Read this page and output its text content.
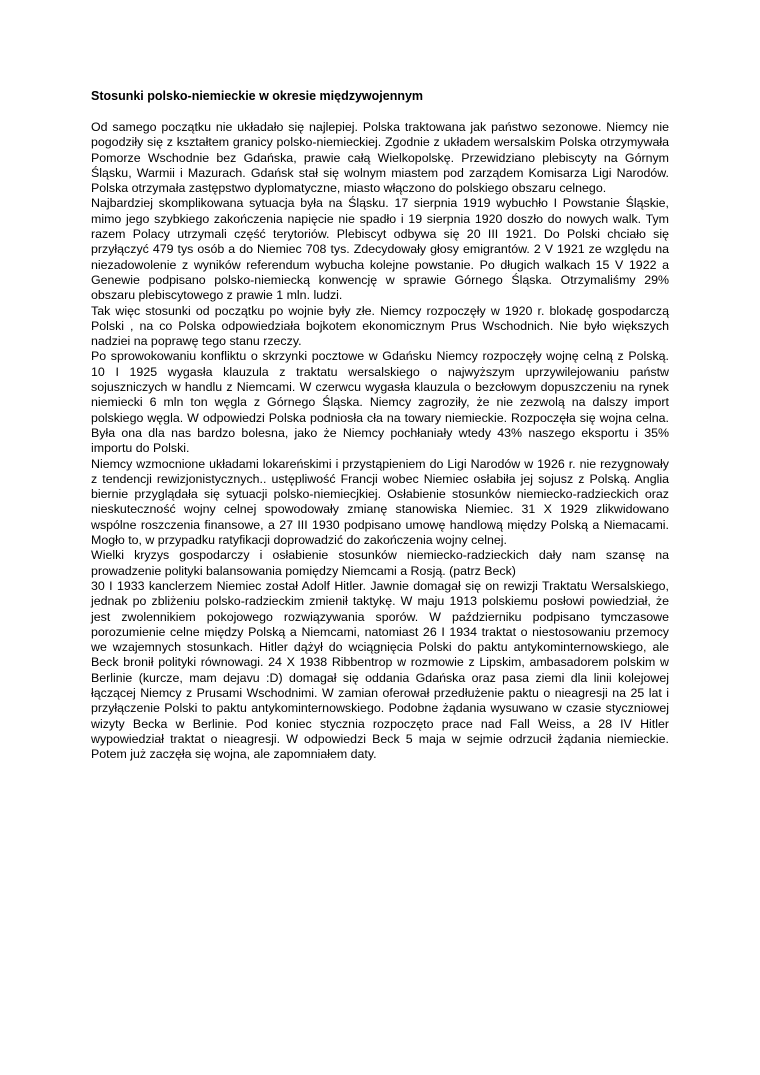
Stosunki polsko-niemieckie w okresie międzywojennym

Od samego początku nie układało się najlepiej. Polska traktowana jak państwo sezonowe. Niemcy nie pogodziły się z kształtem granicy polsko-niemieckiej. Zgodnie z układem wersalskim Polska otrzymywała Pomorze Wschodnie bez Gdańska, prawie całą Wielkopolskę. Przewidziano plebiscyty na Górnym Śląsku, Warmii i Mazurach. Gdańsk stał się wolnym miastem pod zarządem Komisarza Ligi Narodów. Polska otrzymała zastępstwo dyplomatyczne, miasto włączono do polskiego obszaru celnego.

Najbardziej skomplikowana sytuacja była na Śląsku. 17 sierpnia 1919 wybuchło I Powstanie Śląskie, mimo jego szybkiego zakończenia napięcie nie spadło i 19 sierpnia 1920 doszło do nowych walk. Tym razem Polacy utrzymali część terytoriów. Plebiscyt odbywa się 20 III 1921. Do Polski chciało się przyłączyć 479 tys osób a do Niemiec 708 tys. Zdecydowały głosy emigrantów. 2 V 1921 ze względu na niezadowolenie z wyników referendum wybucha kolejne powstanie. Po długich walkach 15 V 1922 a Genewie podpisano polsko-niemiecką konwencję w sprawie Górnego Śląska. Otrzymaliśmy 29% obszaru plebiscytowego z prawie 1 mln. ludzi.

Tak więc stosunki od początku po wojnie były złe. Niemcy rozpoczęły w 1920 r. blokadę gospodarczą Polski , na co Polska odpowiedziała bojkotem ekonomicznym Prus Wschodnich. Nie było większych nadziei na poprawę tego stanu rzeczy.

Po sprowokowaniu konfliktu o skrzynki pocztowe w Gdańsku Niemcy rozpoczęły wojnę celną z Polską. 10 I 1925 wygasła klauzula z traktatu wersalskiego o najwyższym uprzywilejowaniu państw sojuszniczych w handlu z Niemcami. W czerwcu wygasła klauzula o bezcłowym dopuszczeniu na rynek niemiecki 6 mln ton węgla z Górnego Śląska. Niemcy zagroziły, że nie zezwolą na dalszy import polskiego węgla. W odpowiedzi Polska podniosła cła na towary niemieckie. Rozpoczęła się wojna celna. Była ona dla nas bardzo bolesna, jako że Niemcy pochłaniały wtedy 43% naszego eksportu i 35% importu do Polski.

Niemcy wzmocnione układami lokareńskimi i przystąpieniem do Ligi Narodów w 1926 r. nie rezygnowały z tendencji rewizjonistycznych.. ustępliwość Francji wobec Niemiec osłabiła jej sojusz z Polską. Anglia biernie przyglądała się sytuacji polsko-niemiecjkiej. Osłabienie stosunków niemiecko-radzieckich oraz nieskuteczność wojny celnej spowodowały zmianę stanowiska Niemiec. 31 X 1929 zlikwidowano wspólne roszczenia finansowe, a 27 III 1930 podpisano umowę handlową między Polską a Niemacami. Mogło to, w przypadku ratyfikacji doprowadzić do zakończenia wojny celnej.

Wielki kryzys gospodarczy i osłabienie stosunków niemiecko-radzieckich dały nam szansę na prowadzenie polityki balansowania pomiędzy Niemcami a Rosją. (patrz Beck)

30 I 1933 kanclerzem Niemiec został Adolf Hitler. Jawnie domagał się on rewizji Traktatu Wersalskiego, jednak po zbliżeniu polsko-radzieckim zmienił taktykę. W maju 1913 polskiemu posłowi powiedział, że jest zwolennikiem pokojowego rozwiązywania sporów. W październiku podpisano tymczasowe porozumienie celne między Polską a Niemcami, natomiast 26 I 1934 traktat o niestosowaniu przemocy we wzajemnych stosunkach. Hitler dążył do wciągnięcia Polski do paktu antykominternowskiego, ale Beck bronił polityki równowagi. 24 X 1938 Ribbentrop w rozmowie z Lipskim, ambasadorem polskim w Berlinie (kurcze, mam dejavu :D) domagał się oddania Gdańska oraz pasa ziemi dla linii kolejowej łączącej Niemcy z Prusami Wschodnimi. W zamian oferował przedłużenie paktu o nieagresji na 25 lat i przyłączenie Polski to paktu antykominternowskiego. Podobne żądania wysuwano w czasie styczniowej wizyty Becka w Berlinie. Pod koniec stycznia rozpoczęto prace nad Fall Weiss, a 28 IV Hitler wypowiedział traktat o nieagresji. W odpowiedzi Beck 5 maja w sejmie odrzucił żądania niemieckie. Potem już zaczęła się wojna, ale zapomniałem daty.
